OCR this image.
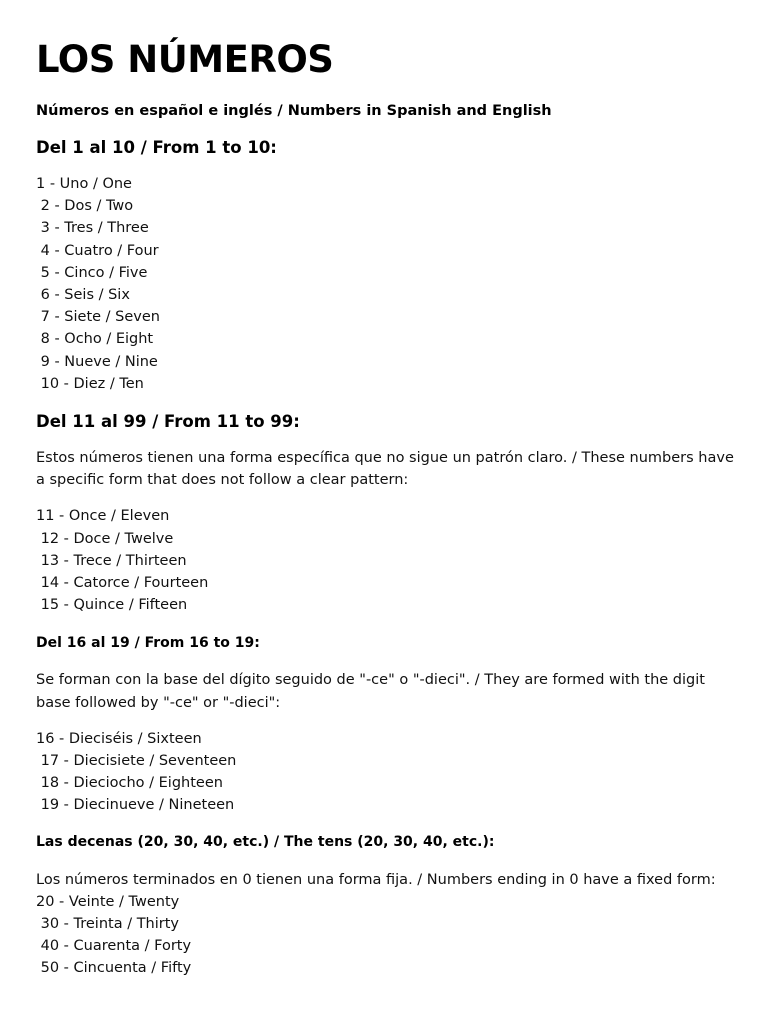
LOS NÚMEROS
Números en español e inglés / Numbers in Spanish and English
Del 1 al 10 / From 1 to 10:
1 - Uno / One
2 - Dos / Two
3 - Tres / Three
4 - Cuatro / Four
5 - Cinco / Five
6 - Seis / Six
7 - Siete / Seven
8 - Ocho / Eight
9 - Nueve / Nine
10 - Diez / Ten
Del 11 al 99 / From 11 to 99:

Estos números tienen una forma específica que no sigue un patrón claro. / These numbers have a specific form that does not follow a clear pattern:

11 - Once / Eleven
12 - Doce / Twelve
13 - Trece / Thirteen
14 - Catorce / Fourteen
15 - Quince / Fifteen
Del 16 al 19 / From 16 to 19:

Se forman con la base del dígito seguido de "-ce" o "-dieci". / They are formed with the digit base followed by "-ce" or "-dieci":

16 - Dieciséis / Sixteen
17 - Diecisiete / Seventeen
18 - Dieciocho / Eighteen
19 - Diecinueve / Nineteen
Las decenas (20, 30, 40, etc.) / The tens (20, 30, 40, etc.):

Los números terminados en 0 tienen una forma fija. / Numbers ending in 0 have a fixed form: 20 - Veinte / Twenty

30 - Treinta / Thirty
40 - Cuarenta / Forty
50 - Cincuenta / Fifty
